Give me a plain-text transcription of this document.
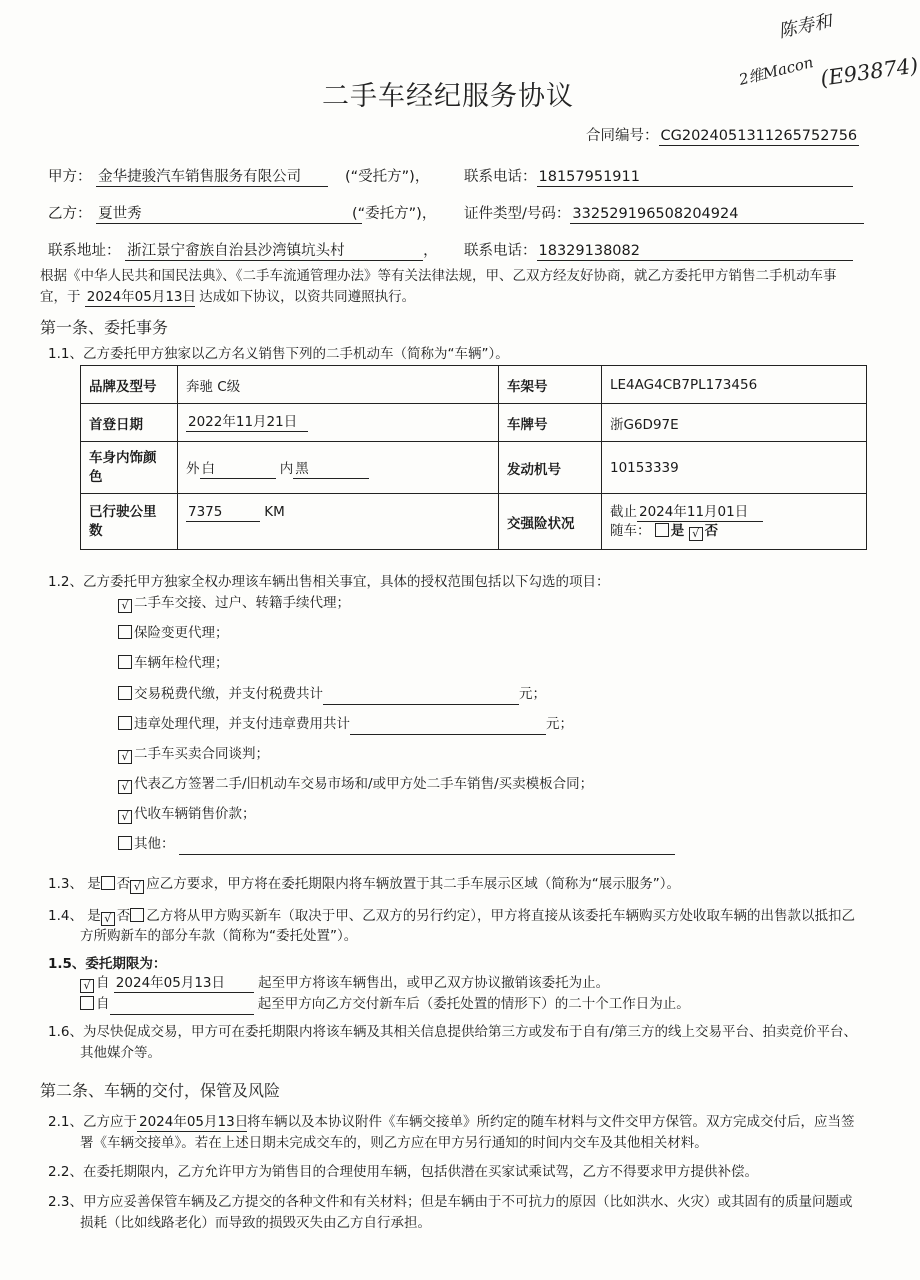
陈寿和
2维Macon (E93874)
二手车经纪服务协议
合同编号： CG2024051311265752756
甲方： 金华捷骏汽车销售服务有限公司	(“受托方”)， 联系电话： 18157951911
乙方： 夏世秀	(“委托方”)， 证件类型/号码： 332529196508204924
联系地址： 浙江景宁畲族自治县沙湾镇坑头村	， 联系电话： 18329138082
根据《中华人民共和国民法典》、《二手车流通管理办法》等有关法律法规，甲、乙双方经友好协商，就乙方委托甲方销售二手机动车事
宜，于 2024年05月13日 达成如下协议，以资共同遵照执行。
第一条、委托事务
1.1、乙方委托甲方独家以乙方名义销售下列的二手机动车（简称为“车辆”）。
品牌及型号	奔驰 C级	车架号	LE4AG4CB7PL173456
首登日期	2022年11月21日	车牌号	浙G6D97E
车身内饰颜色	外 白 内 黑	发动机号	10153339
已行驶公里数	7375 KM	交强险状况	截止 2024年11月01日
随车： 是 √ 否
1.2、乙方委托甲方独家全权办理该车辆出售相关事宜，具体的授权范围包括以下勾选的项目：
√ 二手车交接、过户、转籍手续代理；
保险变更代理；
车辆年检代理；
交易税费代缴，并支付税费共计	元；
违章处理代理，并支付违章费用共计	元；
√ 二手车买卖合同谈判；
√ 代表乙方签署二手/旧机动车交易市场和/或甲方处二手车销售/买卖模板合同；
√ 代收车辆销售价款；
其他：
1.3、 是 否 √ 应乙方要求，甲方将在委托期限内将车辆放置于其二手车展示区域（简称为“展示服务”）。
1.4、 是 √ 否 乙方将从甲方购买新车（取决于甲、乙双方的另行约定），甲方将直接从该委托车辆购买方处收取车辆的出售款以抵扣乙
方所购新车的部分车款（简称为“委托处置”）。
1.5、委托期限为：
√ 自 2024年05月13日 起至甲方将该车辆售出，或甲乙双方协议撤销该委托为止。
自	起至甲方向乙方交付新车后（委托处置的情形下）的二十个工作日为止。
1.6、为尽快促成交易，甲方可在委托期限内将该车辆及其相关信息提供给第三方或发布于自有/第三方的线上交易平台、拍卖竞价平台、
其他媒介等。
第二条、车辆的交付，保管及风险
2.1、乙方应于 2024年05月13日将车辆以及本协议附件《车辆交接单》所约定的随车材料与文件交甲方保管。双方完成交付后，应当签
署《车辆交接单》。若在上述日期未完成交车的，则乙方应在甲方另行通知的时间内交车及其他相关材料。
2.2、在委托期限内，乙方允许甲方为销售目的合理使用车辆，包括供潜在买家试乘试驾，乙方不得要求甲方提供补偿。
2.3、甲方应妥善保管车辆及乙方提交的各种文件和有关材料；但是车辆由于不可抗力的原因（比如洪水、火灾）或其固有的质量问题或
损耗（比如线路老化）而导致的损毁灭失由乙方自行承担。
